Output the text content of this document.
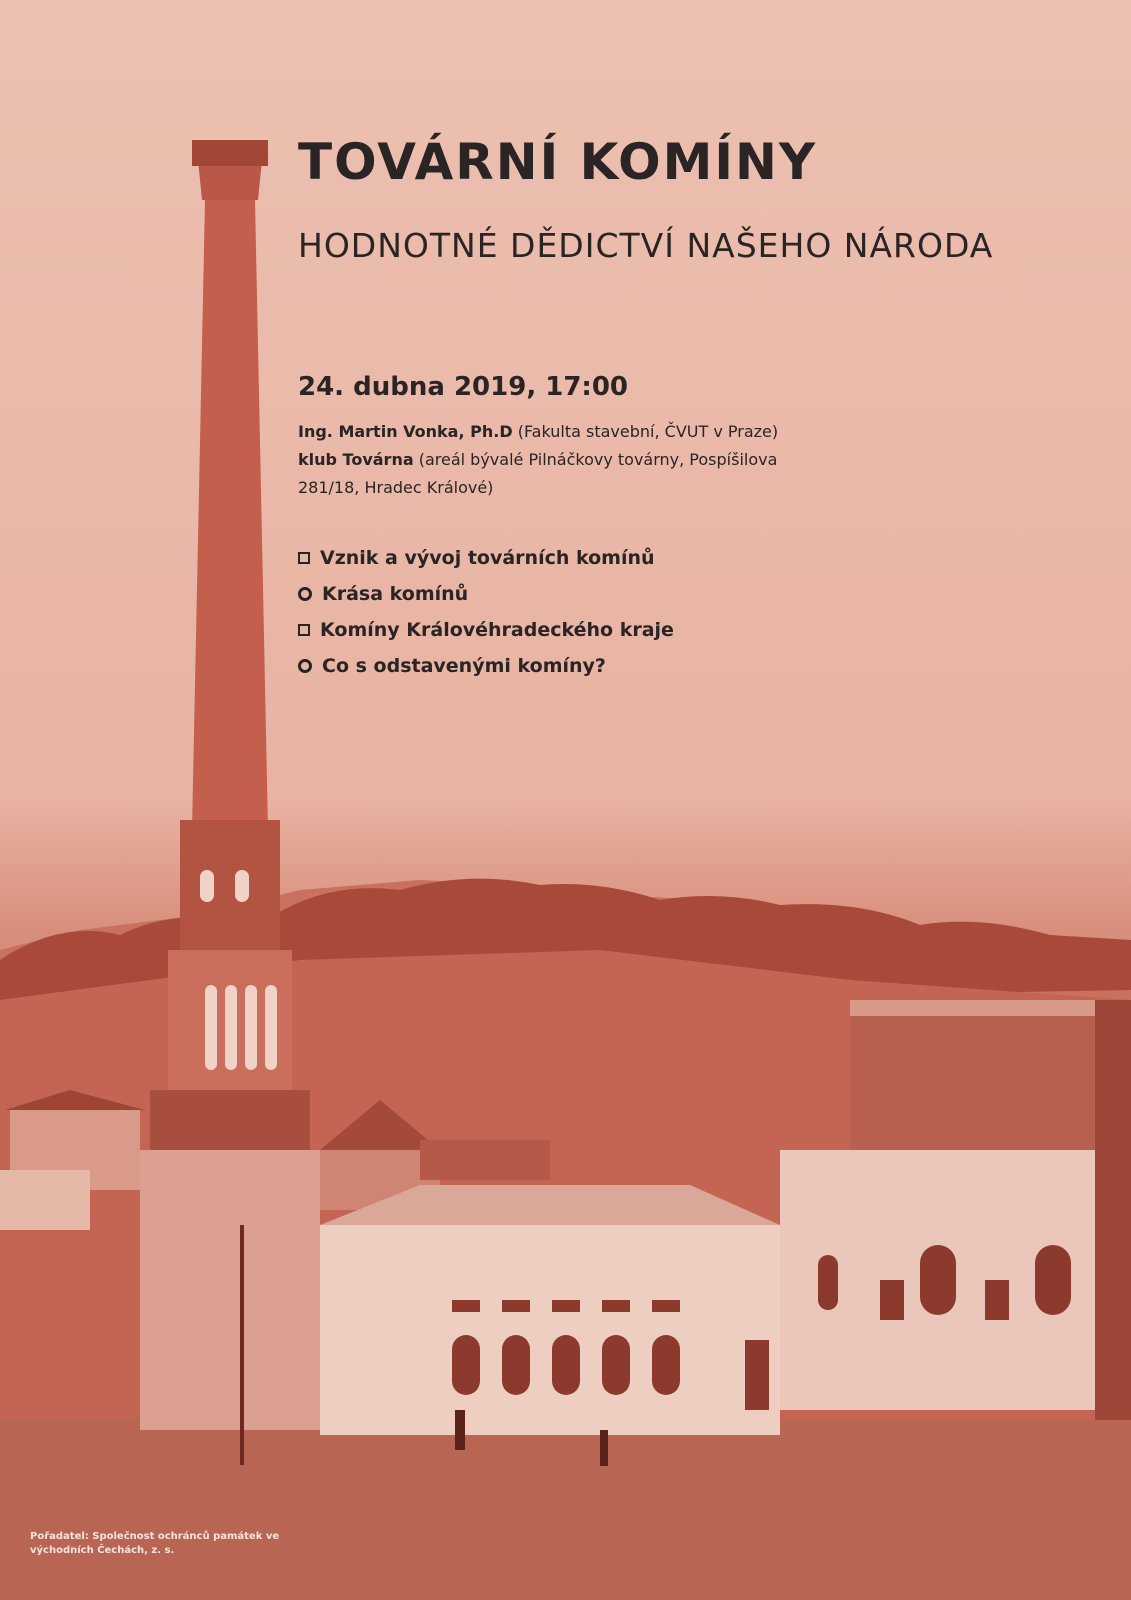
TOVÁRNÍ KOMÍNY
HODNOTNÉ DĚDICTVÍ NAŠEHO NÁRODA
24. dubna 2019, 17:00
Ing. Martin Vonka, Ph.D (Fakulta stavební, ČVUT v Praze)
klub Továrna (areál bývalé Pilnáčkovy továrny, Pospíšilova 281/18, Hradec Králové)
Vznik a vývoj továrních komínů
Krása komínů
Komíny Královéhradeckého kraje
Co s odstavenými komíny?
Pořadatel: Společnost ochránců památek ve východních Čechách, z. s.
